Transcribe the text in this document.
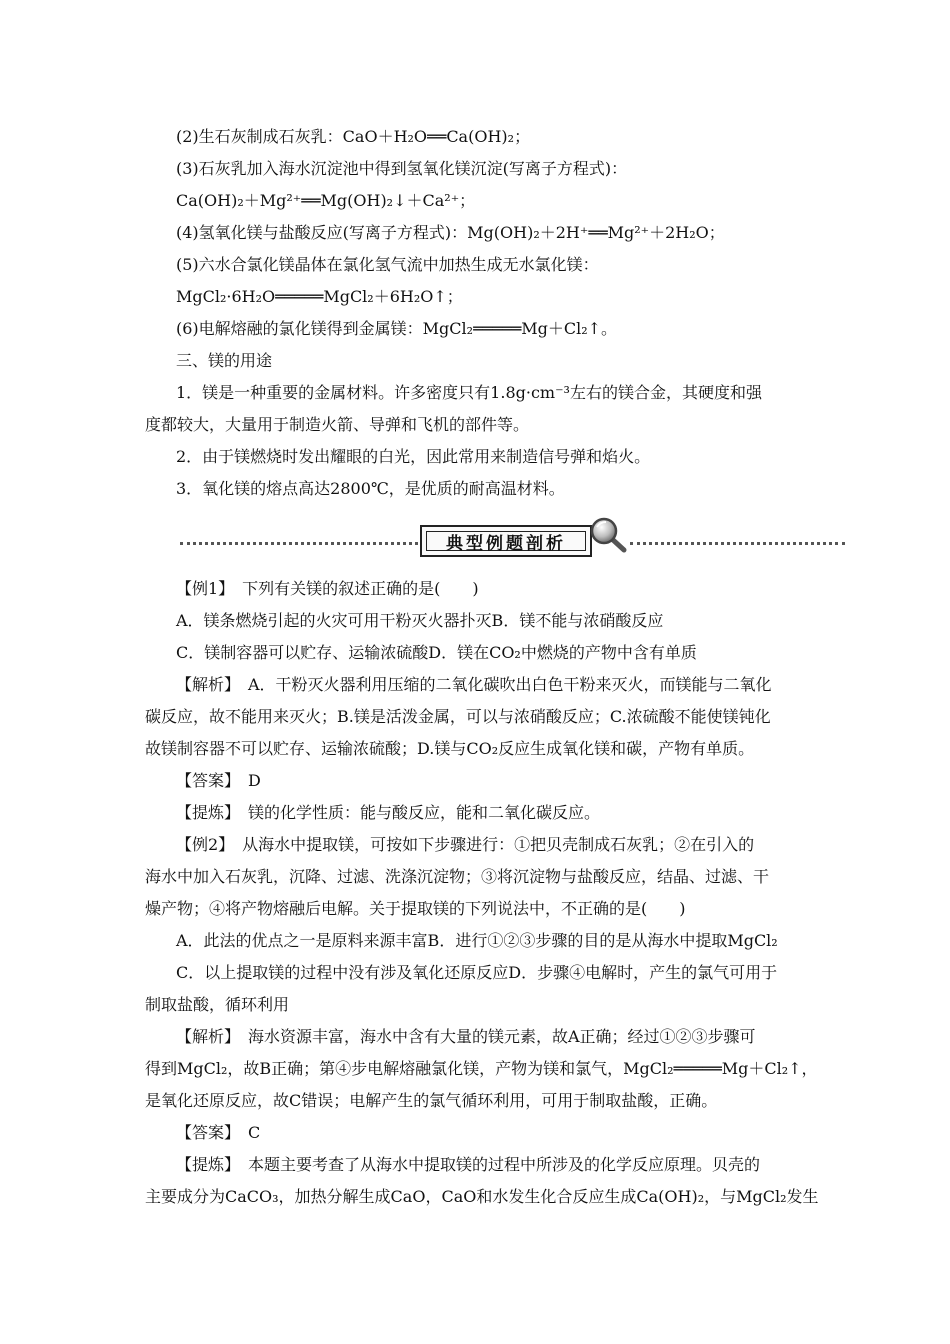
(2)生石灰制成石灰乳：CaO＋H₂O══Ca(OH)₂；
(3)石灰乳加入海水沉淀池中得到氢氧化镁沉淀(写离子方程式)：
Ca(OH)₂＋Mg²⁺══Mg(OH)₂↓＋Ca²⁺；
(4)氢氧化镁与盐酸反应(写离子方程式)：Mg(OH)₂＋2H⁺══Mg²⁺＋2H₂O；
(5)六水合氯化镁晶体在氯化氢气流中加热生成无水氯化镁：
MgCl₂·6H₂O═════MgCl₂＋6H₂O↑；
(6)电解熔融的氯化镁得到金属镁：MgCl₂═════Mg＋Cl₂↑。
三、镁的用途
1．镁是一种重要的金属材料。许多密度只有1.8g·cm⁻³左右的镁合金，其硬度和强
度都较大，大量用于制造火箭、导弹和飞机的部件等。
2．由于镁燃烧时发出耀眼的白光，因此常用来制造信号弹和焰火。
3．氧化镁的熔点高达2800℃，是优质的耐高温材料。
典型例题剖析
【例1】　下列有关镁的叙述正确的是(　　)
A．镁条燃烧引起的火灾可用干粉灭火器扑灭B．镁不能与浓硝酸反应
C．镁制容器可以贮存、运输浓硫酸D．镁在CO₂中燃烧的产物中含有单质
【解析】　A．干粉灭火器利用压缩的二氧化碳吹出白色干粉来灭火，而镁能与二氧化
碳反应，故不能用来灭火；B.镁是活泼金属，可以与浓硝酸反应；C.浓硫酸不能使镁钝化
故镁制容器不可以贮存、运输浓硫酸；D.镁与CO₂反应生成氧化镁和碳，产物有单质。
【答案】　D
【提炼】　镁的化学性质：能与酸反应，能和二氧化碳反应。
【例2】　从海水中提取镁，可按如下步骤进行：①把贝壳制成石灰乳；②在引入的
海水中加入石灰乳，沉降、过滤、洗涤沉淀物；③将沉淀物与盐酸反应，结晶、过滤、干
燥产物；④将产物熔融后电解。关于提取镁的下列说法中，不正确的是(　　)
A．此法的优点之一是原料来源丰富B．进行①②③步骤的目的是从海水中提取MgCl₂
C．以上提取镁的过程中没有涉及氧化还原反应D．步骤④电解时，产生的氯气可用于
制取盐酸，循环利用
【解析】　海水资源丰富，海水中含有大量的镁元素，故A正确；经过①②③步骤可
得到MgCl₂，故B正确；第④步电解熔融氯化镁，产物为镁和氯气，MgCl₂═════Mg＋Cl₂↑，
是氧化还原反应，故C错误；电解产生的氯气循环利用，可用于制取盐酸，正确。
【答案】　C
【提炼】　本题主要考查了从海水中提取镁的过程中所涉及的化学反应原理。贝壳的
主要成分为CaCO₃，加热分解生成CaO，CaO和水发生化合反应生成Ca(OH)₂，与MgCl₂发生
